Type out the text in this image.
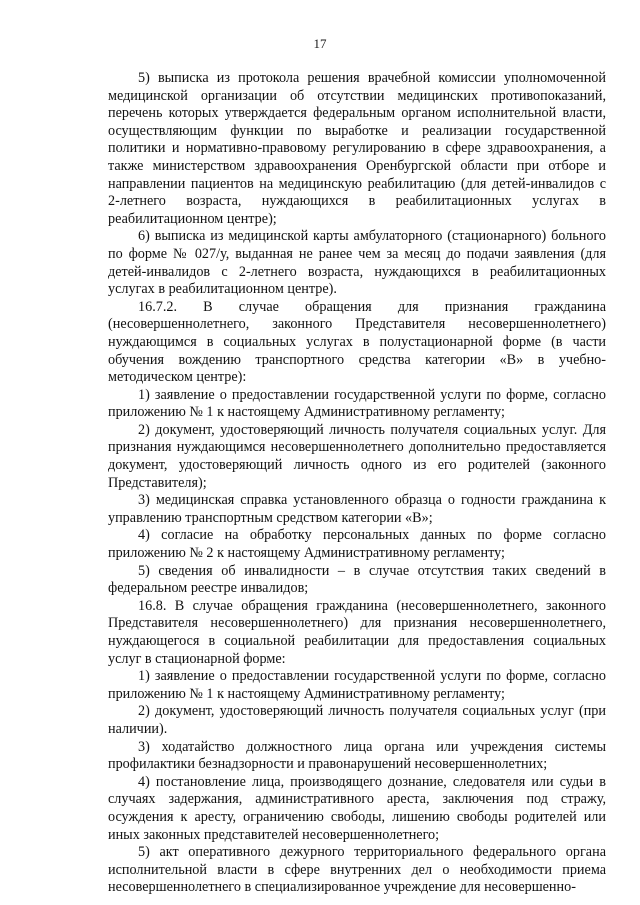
17

5) выписка из протокола решения врачебной комиссии уполномоченной медицинской организации об отсутствии медицинских противопоказаний, перечень которых утверждается федеральным органом исполнительной власти, осуществляющим функции по выработке и реализации государственной политики и нормативно-правовому регулированию в сфере здравоохранения, а также министерством здравоохранения Оренбургской области при отборе и направлении пациентов на медицинскую реабилитацию (для детей-инвалидов с 2-летнего возраста, нуждающихся в реабилитационных услугах в реабилитационном центре);

6) выписка из медицинской карты амбулаторного (стационарного) больного по форме № 027/у, выданная не ранее чем за месяц до подачи заявления (для детей-инвалидов с 2-летнего возраста, нуждающихся в реабилитационных услугах в реабилитационном центре).

16.7.2. В случае обращения для признания гражданина (несовершеннолетнего, законного Представителя несовершеннолетнего) нуждающимся в социальных услугах в полустационарной форме (в части обучения вождению транспортного средства категории «В» в учебно-методическом центре):

1) заявление о предоставлении государственной услуги по форме, согласно приложению № 1 к настоящему Административному регламенту;

2) документ, удостоверяющий личность получателя социальных услуг. Для признания нуждающимся несовершеннолетнего дополнительно предоставляется документ, удостоверяющий личность одного из его родителей (законного Представителя);

3) медицинская справка установленного образца о годности гражданина к управлению транспортным средством категории «В»;

4) согласие на обработку персональных данных по форме согласно приложению № 2 к настоящему Административному регламенту;

5) сведения об инвалидности – в случае отсутствия таких сведений в федеральном реестре инвалидов;

16.8. В случае обращения гражданина (несовершеннолетнего, законного Представителя несовершеннолетнего) для признания несовершеннолетнего, нуждающегося в социальной реабилитации для предоставления социальных услуг в стационарной форме:

1) заявление о предоставлении государственной услуги по форме, согласно приложению № 1 к настоящему Административному регламенту;

2) документ, удостоверяющий личность получателя социальных услуг (при наличии).

3) ходатайство должностного лица органа или учреждения системы профилактики безнадзорности и правонарушений несовершеннолетних;

4) постановление лица, производящего дознание, следователя или судьи в случаях задержания, административного ареста, заключения под стражу, осуждения к аресту, ограничению свободы, лишению свободы родителей или иных законных представителей несовершеннолетнего;

5) акт оперативного дежурного территориального федерального органа исполнительной власти в сфере внутренних дел о необходимости приема несовершеннолетнего в специализированное учреждение для несовершенно-
